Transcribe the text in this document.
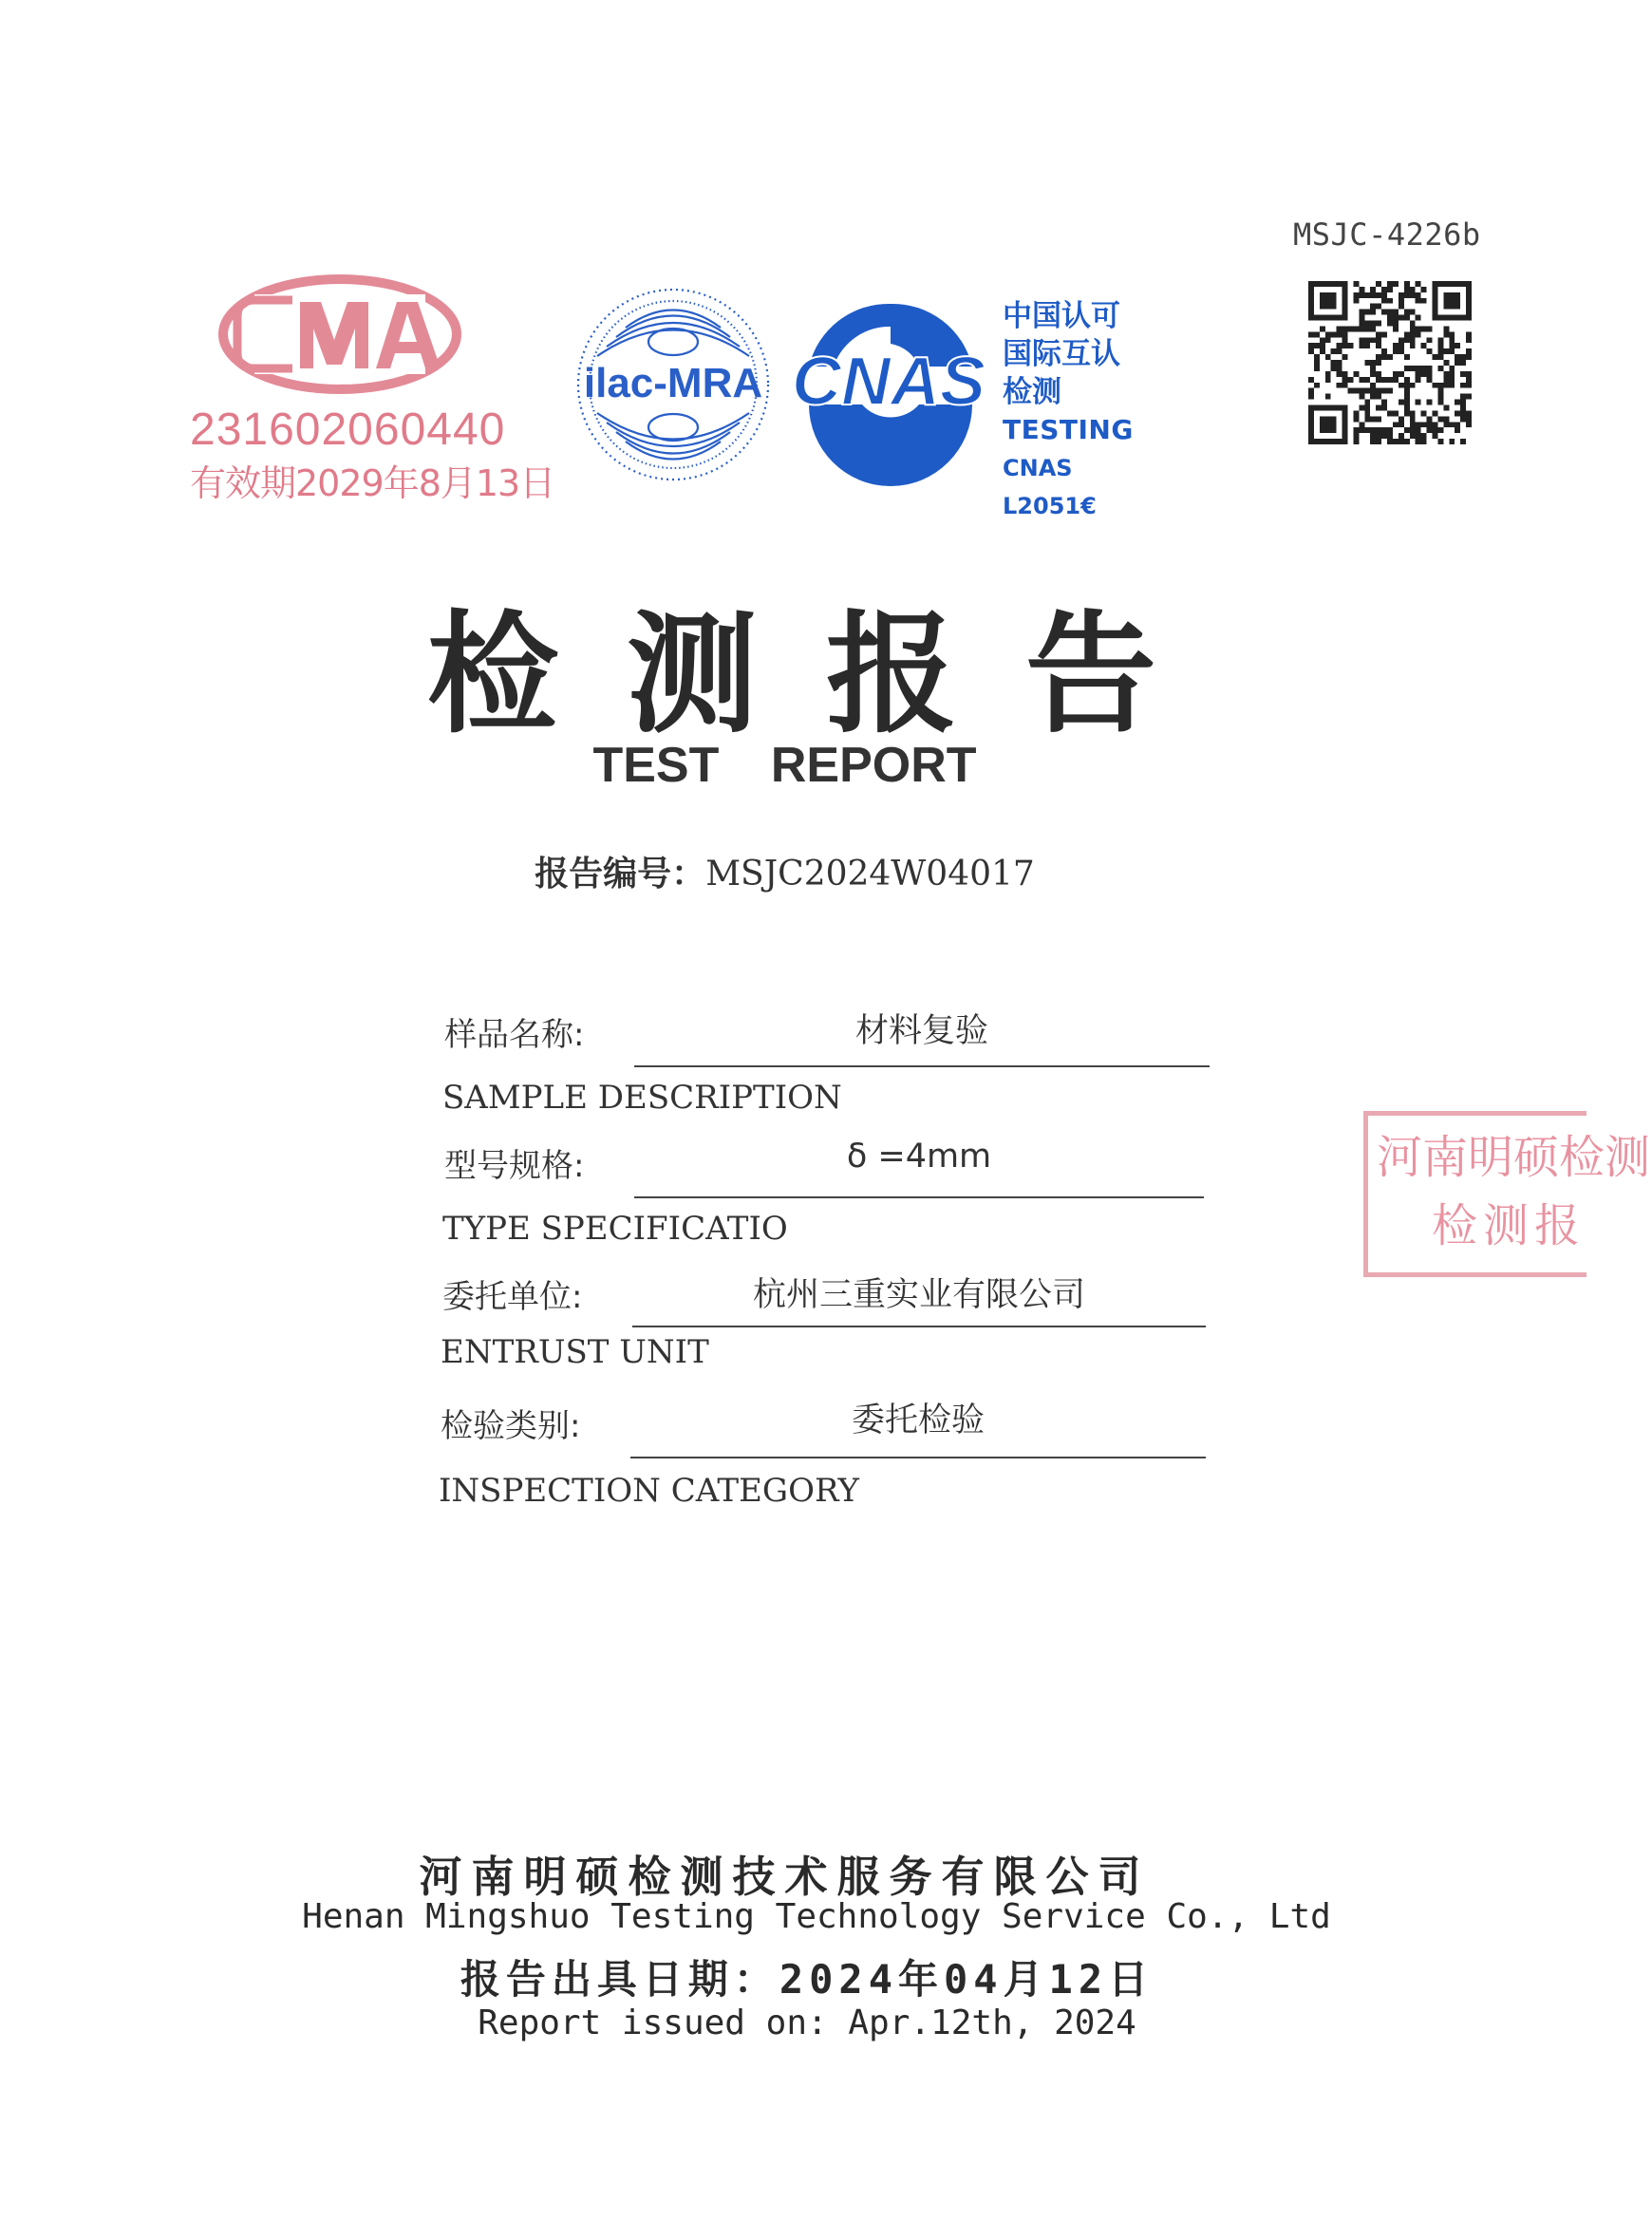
MSJC-4226b
CMA
231602060440
有效期2029年8月13日
ilac-MRA CNAS
中国认可
国际互认
检测
TESTING
CNAS L2051€
检测报告
TEST REPORT
报告编号：MSJC2024W04017
样品名称:	材料复验
SAMPLE DESCRIPTION
型号规格:	δ =4mm
TYPE SPECIFICATIO
委托单位:	杭州三重实业有限公司
ENTRUST UNIT
检验类别:	委托检验
INSPECTION CATEGORY
河南明硕检测
检测报
河南明硕检测技术服务有限公司
Henan Mingshuo Testing Technology Service Co., Ltd
报告出具日期：2024年04月12日
Report issued on: Apr.12th, 2024
